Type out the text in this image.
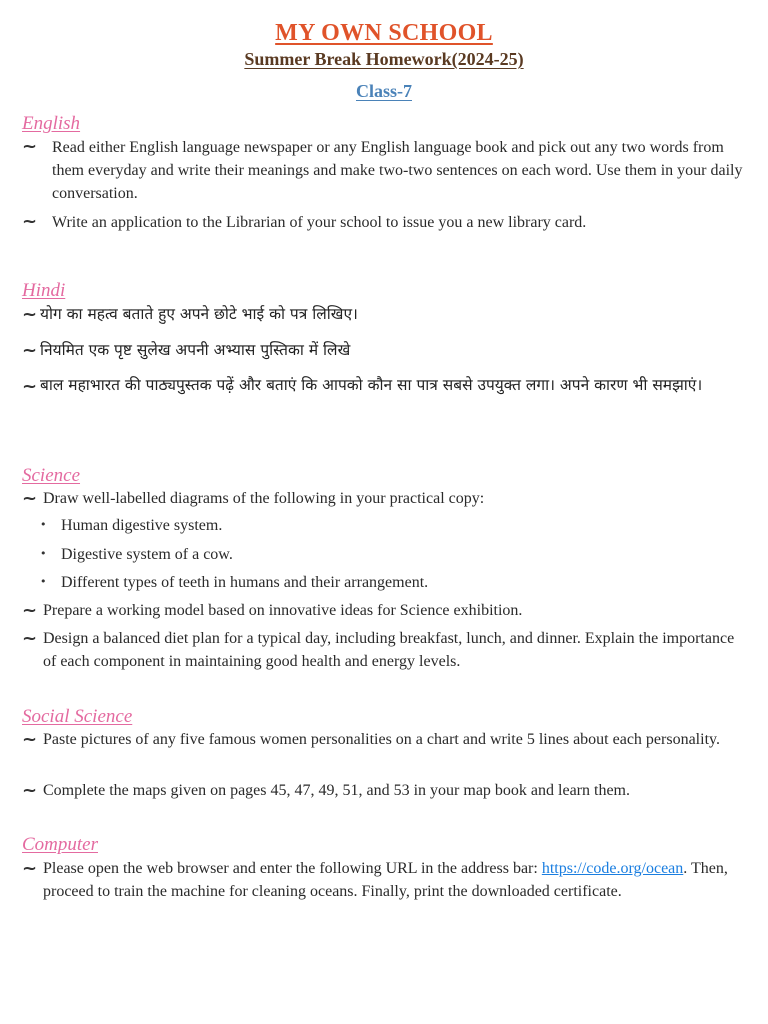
MY OWN SCHOOL
Summer Break Homework(2024-25)
Class-7
English
~ Read either English language newspaper or any English language book and pick out any two words from them everyday and write their meanings and make two-two sentences on each word. Use them in your daily conversation.
~ Write an application to the Librarian of your school to issue you a new library card.
Hindi
~ योग का महत्व बताते हुए अपने छोटे भाई को पत्र लिखिए।
~ नियमित एक पृष्ट सुलेख अपनी अभ्यास पुस्तिका में लिखे
~ बाल महाभारत की पाठ्यपुस्तक पढ़ें और बताएं कि आपको कौन सा पात्र सबसे उपयुक्त लगा। अपने कारण भी समझाएं।
Science
~ Draw well-labelled diagrams of the following in your practical copy:
• Human digestive system.
• Digestive system of a cow.
• Different types of teeth in humans and their arrangement.
~ Prepare a working model based on innovative ideas for Science exhibition.
~ Design a balanced diet plan for a typical day, including breakfast, lunch, and dinner. Explain the importance of each component in maintaining good health and energy levels.
Social Science
~ Paste pictures of any five famous women personalities on a chart and write 5 lines about each personality.
~ Complete the maps given on pages 45, 47, 49, 51, and 53 in your map book and learn them.
Computer
~ Please open the web browser and enter the following URL in the address bar: https://code.org/ocean. Then, proceed to train the machine for cleaning oceans. Finally, print the downloaded certificate.
